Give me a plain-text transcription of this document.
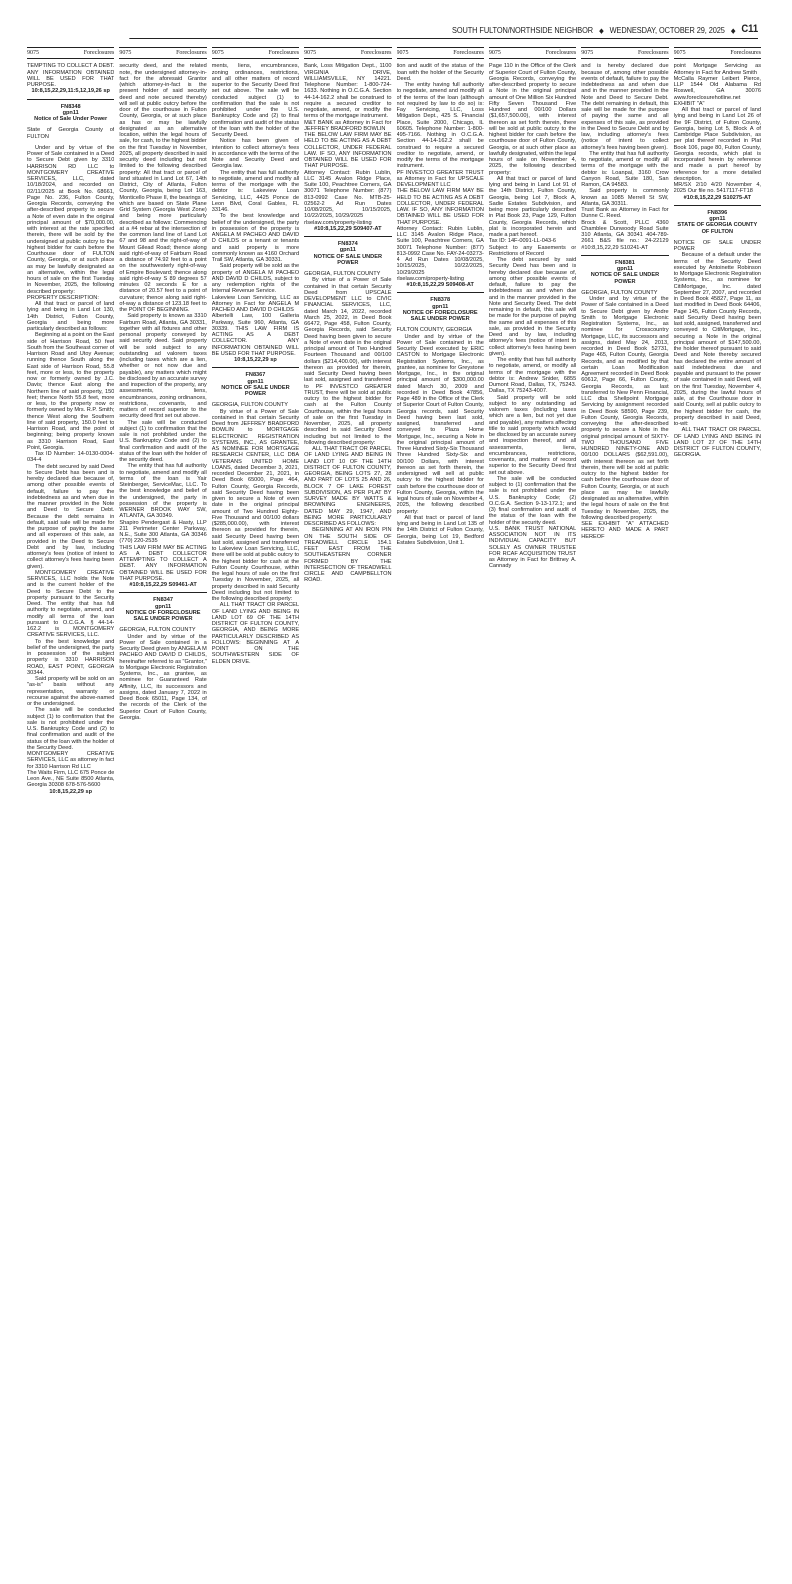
SOUTH FULTON/NORTHSIDE NEIGHBOR ◆ WEDNESDAY, OCTOBER 29, 2025 ◆ C11
9075	Foreclosures

TEMPTING TO COLLECT A DEBT. ANY INFORMATION OBTAINED WILL BE USED FOR THAT PURPOSE.

10:8,15,22,29,11:5,12,19,26 sp

FN8348

gpn11

Notice of Sale Under Power

State of Georgia County of FULTON

Under and by virtue of the Power of Sale contained in a Deed to Secure Debt given by 3310 HARRISON RD LLC to MONTGOMERY CREATIVE SERVICES, LLC, dated 10/18/2024, and recorded on 02/11/2025 at Book No. 68661, Page No. 236, Fulton County, Georgia Records, conveying the after-described property to secure a Note of even date in the original principal amount of $70,000.00, with interest at the rate specified therein, there will be sold by the undersigned at public outcry to the highest bidder for cash before the Courthouse door of FULTON County, Georgia, or at such place as may be lawfully designated as an alternative, within the legal hours of sale on the first Tuesday in November, 2025, the following described property:

PROPERTY DESCRIPTION:

All that tract or parcel of land lying and being in Land Lot 130, 14th District, Fulton County, Georgia and being more particularly described as follows:

Beginning at a point on the East side of Harrison Road, 50 feet South from the Southeast corner of Harrison Road and Utoy Avenue; running thence South along the East side of Harrison Road, 55.8 feet, more or less, to the property now or formerly owned by J.C. Davis; thence East along the Northern line of said property, 150 feet; thence North 55.8 feet, more or less, to the property now or formerly owned by Mrs. R.P. Smith; thence West along the Southern line of said property, 150.0 feet to Harrison Road, and the point of beginning; being property known as 3310 Harrison Road, East Point, Georgia.

Tax ID Number: 14-0130-0004-034-4

The debt secured by said Deed to Secure Debt has been and is hereby declared due because of, among other possible events of default, failure to pay the indebtedness as and when due in the manner provided in the Note and Deed to Secure Debt. Because the debt remains in default, said sale will be made for the purpose of paying the same and all expenses of this sale, as provided in the Deed to Secure Debt and by law, including attorney's fees (notice of intent to collect attorney's fees having been given).

MONTGOMERY CREATIVE SERVICES, LLC holds the Note and is the current holder of the Deed to Secure Debt to the property pursuant to the Security Deed. The entity that has full authority to negotiate, amend, and modify all terms of the loan pursuant to O.C.G.A. § 44-14-162.2 is MONTGOMERY CREATIVE SERVICES, LLC.

To the best knowledge and belief of the undersigned, the party in possession of the subject property is 3310 HARRISON ROAD, EAST POINT, GEORGIA 30344.

Said property will be sold on an "as-is" basis without any representation, warranty or recourse against the above-named or the undersigned.

The sale will be conducted subject (1) to confirmation that the sale is not prohibited under the U.S. Bankruptcy Code and (2) to final confirmation and audit of the status of the loan with the holder of the Security Deed.

MONTGOMERY CREATIVE SERVICES, LLC as attorney in fact for 3310 Harrison Rd LLC

The Waits Firm, LLC 675 Ponce de Leon Ave., NE Suite 8500 Atlanta, Georgia 30308 678-576-5600

10:8,15,22,29 sp

9075	Foreclosures

security deed, and the related note, the undersigned attorney-in-fact for the aforesaid Grantor (which attorney-in-fact is the present holder of said security deed and note secured thereby) will sell at public outcry before the door of the courthouse in Fulton County, Georgia, or at such place as has or may be lawfully designated as an alternative location, within the legal hours of sale, for cash, to the highest bidder on the first Tuesday in November, 2025, all property described in said security deed including but not limited to the following described property: All that tract or parcel of land situated in Land Lot 67, 14th District, City of Atlanta, Fulton County, Georgia, being Lot 163, Monticello Phase II, the bearings of which are based on State Plane Grid System (Georgia West Zone) and being more particularly described as follows: Commencing at a #4 rebar at the intersection of the common land line of Land Lot 67 and 98 and the right-of-way of Mount Gilead Road; thence along said right-of-way of Fairburn Road a distance of 74.92 feet to a point on the southwesterly right-of-way of Empire Boulevard; thence along said right-of-way S 89 degrees 57 minutes 02 seconds E for a distance of 20.57 feet to a point of curvature; thence along said right-of-way a distance of 123.18 feet to the POINT OF BEGINNING.

Said property is known as 3310 Fairburn Road, Atlanta, GA 30331, together with all fixtures and other personal property conveyed by said security deed. Said property will be sold subject to any outstanding ad valorem taxes (including taxes which are a lien, whether or not now due and payable), any matters which might be disclosed by an accurate survey and inspection of the property, any assessments, liens, encumbrances, zoning ordinances, restrictions, covenants, and matters of record superior to the security deed first set out above.

The sale will be conducted subject (1) to confirmation that the sale is not prohibited under the U.S. Bankruptcy Code and (2) to final confirmation and audit of the status of the loan with the holder of the security deed.

The entity that has full authority to negotiate, amend and modify all terms of the loan is Yair Steinberger, ServiceMac, LLC. To the best knowledge and belief of the undersigned, the party in possession of the property is WERNER BROOK WAY SW, ATLANTA, GA 30349.

Shapiro Pendergast & Hasty, LLP 211 Perimeter Center Parkway, N.E., Suite 300 Atlanta, GA 30346 (770) 220-2535

THIS LAW FIRM MAY BE ACTING AS A DEBT COLLECTOR ATTEMPTING TO COLLECT A DEBT. ANY INFORMATION OBTAINED WILL BE USED FOR THAT PURPOSE.

#10:8,15,22,29 S09461-AT

FN8347

gpn11

NOTICE OF FORECLOSURE SALE UNDER POWER

GEORGIA, FULTON COUNTY

Under and by virtue of the Power of Sale contained in a Security Deed given by ANGELA M PACHEO AND DAVID D CHILDS, hereinafter referred to as "Grantor," to Mortgage Electronic Registration Systems, Inc., as grantee, as nominee for Guaranteed Rate Affinity, LLC, its successors and assigns, dated January 7, 2022 in Deed Book 65011, Page 134, of the records of the Clerk of the Superior Court of Fulton County, Georgia.

9075	Foreclosures

ments, liens, encumbrances, zoning ordinances, restrictions, and all other matters of record superior to the Security Deed first set out above. The sale will be conducted subject (1) to confirmation that the sale is not prohibited under the U.S. Bankruptcy Code and (2) to final confirmation and audit of the status of the loan with the holder of the Security Deed.

Notice has been given of intention to collect attorney's fees in accordance with the terms of the Note and Security Deed and Georgia law.

The entity that has full authority to negotiate, amend and modify all terms of the mortgage with the debtor is: Lakeview Loan Servicing, LLC, 4425 Ponce de Leon Blvd, Coral Gables, FL 33146.

To the best knowledge and belief of the undersigned, the party in possession of the property is ANGELA M PACHEO AND DAVID D CHILDS or a tenant or tenants and said property is more commonly known as 4160 Orchard Trail SW, Atlanta, GA 30331.

Said property will be sold as the property of ANGELA M PACHEO AND DAVID D CHILDS, subject to any redemption rights of the Internal Revenue Service.

Lakeview Loan Servicing, LLC as Attorney in Fact for ANGELA M PACHEO AND DAVID D CHILDS

Albertelli Law, 100 Galleria Parkway, Suite 960, Atlanta, GA 30339. THIS LAW FIRM IS ACTING AS A DEBT COLLECTOR. ANY INFORMATION OBTAINED WILL BE USED FOR THAT PURPOSE.

10:8,15,22,29 sp

FN8367

gpn11

NOTICE OF SALE UNDER POWER

GEORGIA, FULTON COUNTY

By virtue of a Power of Sale contained in that certain Security Deed from JEFFREY BRADFORD BOWLIN to MORTGAGE ELECTRONIC REGISTRATION SYSTEMS, INC., AS GRANTEE, AS NOMINEE FOR MORTGAGE RESEARCH CENTER, LLC DBA VETERANS UNITED HOME LOANS, dated December 3, 2021, recorded December 21, 2021, in Deed Book 65000, Page 464, Fulton County, Georgia Records, said Security Deed having been given to secure a Note of even date in the original principal amount of Two Hundred Eighty-Five Thousand and 00/100 dollars ($285,000.00), with interest thereon as provided for therein, said Security Deed having been last sold, assigned and transferred to Lakeview Loan Servicing, LLC, there will be sold at public outcry to the highest bidder for cash at the Fulton County Courthouse, within the legal hours of sale on the first Tuesday in November, 2025, all property described in said Security Deed including but not limited to the following described property:

ALL THAT TRACT OR PARCEL OF LAND LYING AND BEING IN LAND LOT 69 OF THE 14TH DISTRICT OF FULTON COUNTY, GEORGIA, AND BEING MORE PARTICULARLY DESCRIBED AS FOLLOWS: BEGINNING AT A POINT ON THE SOUTHWESTERN SIDE OF ELDEN DRIVE.

9075	Foreclosures

Bank, Loss Mitigation Dept., 1100 VIRGINIA DRIVE, WILLIAMSVILLE, NY 14221. Telephone Number: 1-800-724-1633. Nothing in O.C.G.A. Section 44-14-162.2 shall be construed to require a secured creditor to negotiate, amend, or modify the terms of the mortgage instrument.

M&T BANK as Attorney in Fact for JEFFREY BRADFORD BOWLIN

THE BELOW LAW FIRM MAY BE HELD TO BE ACTING AS A DEBT COLLECTOR, UNDER FEDERAL LAW. IF SO, ANY INFORMATION OBTAINED WILL BE USED FOR THAT PURPOSE.

Attorney Contact: Rubin Lublin, LLC 3145 Avalon Ridge Place, Suite 100, Peachtree Corners, GA 30071 Telephone Number: (877) 813-0992 Case No. MTB-25-02562-2 Ad Run Dates 10/08/2025, 10/15/2025, 10/22/2025, 10/29/2025

rlselaw.com/property-listing

#10:8,15,22,29 S09407-AT

FN8374

gpn11

NOTICE OF SALE UNDER POWER

GEORGIA, FULTON COUNTY

By virtue of a Power of Sale contained in that certain Security Deed from UPSCALE DEVELOPMENT LLC to CIVIC FINANCIAL SERVICES, LLC, dated March 14, 2022, recorded March 25, 2022, in Deed Book 66472, Page 458, Fulton County, Georgia Records, said Security Deed having been given to secure a Note of even date in the original principal amount of Two Hundred Fourteen Thousand and 00/100 dollars ($214,400.00), with interest thereon as provided for therein, said Security Deed having been last sold, assigned and transferred to PF INVESTCO GREATER TRUST, there will be sold at public outcry to the highest bidder for cash at the Fulton County Courthouse, within the legal hours of sale on the first Tuesday in November, 2025, all property described in said Security Deed including but not limited to the following described property:

ALL THAT TRACT OR PARCEL OF LAND LYING AND BEING IN LAND LOT 10 OF THE 14TH DISTRICT OF FULTON COUNTY, GEORGIA, BEING LOTS 27, 28 AND PART OF LOTS 25 AND 26, BLOCK 7 OF LAKE FOREST SUBDIVISION, AS PER PLAT BY SURVEY MADE BY WATTS & BROWNING ENGINEERS, DATED MAY 29, 1947, AND BEING MORE PARTICULARLY DESCRIBED AS FOLLOWS:

BEGINNING AT AN IRON PIN ON THE SOUTH SIDE OF TREADWELL CIRCLE 154.1 FEET EAST FROM THE SOUTHEASTERN CORNER FORMED BY THE INTERSECTION OF TREADWELL CIRCLE AND CAMPBELLTON ROAD.

9075	Foreclosures

tion and audit of the status of the loan with the holder of the Security Deed.

The entity having full authority to negotiate, amend and modify all of the terms of the loan (although not required by law to do so) is: Fay Servicing, LLC, Loss Mitigation Dept., 425 S. Financial Place, Suite 2000, Chicago, IL 60605. Telephone Number: 1-800-495-7166. Nothing in O.C.G.A. Section 44-14-162.2 shall be construed to require a secured creditor to negotiate, amend, or modify the terms of the mortgage instrument.

PF INVESTCO GREATER TRUST as Attorney in Fact for UPSCALE DEVELOPMENT LLC

THE BELOW LAW FIRM MAY BE HELD TO BE ACTING AS A DEBT COLLECTOR, UNDER FEDERAL LAW. IF SO, ANY INFORMATION OBTAINED WILL BE USED FOR THAT PURPOSE.

Attorney Contact: Rubin Lublin, LLC 3145 Avalon Ridge Place, Suite 100, Peachtree Corners, GA 30071 Telephone Number: (877) 813-0992 Case No. FAY-24-03273-4 Ad Run Dates 10/08/2025, 10/15/2025, 10/22/2025, 10/29/2025

rlselaw.com/property-listing

#10:8,15,22,29 S09408-AT

FN8378

gpn11

NOTICE OF FORECLOSURE SALE UNDER POWER

FULTON COUNTY, GEORGIA

Under and by virtue of the Power of Sale contained in the Security Deed executed by ERIC CASTON to Mortgage Electronic Registration Systems, Inc., as grantee, as nominee for Greystone Mortgage, Inc., in the original principal amount of $300,000.00 dated March 30, 2009 and recorded in Deed Book 47856, Page 489 in the Office of the Clerk of Superior Court of Fulton County, Georgia records, said Security Deed having been last sold, assigned, transferred and conveyed to Plaza Home Mortgage, Inc., securing a Note in the original principal amount of Three Hundred Sixty-Six Thousand Three Hundred Sixty-Six and 00/100 Dollars, with interest thereon as set forth therein, the undersigned will sell at public outcry to the highest bidder for cash before the courthouse door of Fulton County, Georgia, within the legal hours of sale on November 4, 2025, the following described property:

All that tract or parcel of land lying and being in Land Lot 135 of the 14th District of Fulton County, Georgia, being Lot 19, Bedford Estates Subdivision, Unit 1.

9075	Foreclosures

Page 110 in the Office of the Clerk of Superior Court of Fulton County, Georgia Records, conveying the after-described property to secure a Note in the original principal amount of One Million Six Hundred Fifty Seven Thousand Five Hundred and 00/100 Dollars ($1,657,500.00), with interest thereon as set forth therein, there will be sold at public outcry to the highest bidder for cash before the courthouse door of Fulton County, Georgia, or at such other place as lawfully designated, within the legal hours of sale on November 4, 2025, the following described property:

All that tract or parcel of land lying and being in Land Lot 91 of the 14th District, Fulton County, Georgia, being Lot 7, Block A, Sadie Estates Subdivision, and being more particularly described in Plat Book 23, Page 129, Fulton County, Georgia Records, which plat is incorporated herein and made a part hereof.

Tax ID: 14F-0091-LL-043-6

Subject to any Easements or Restrictions of Record

The debt secured by said Security Deed has been and is hereby declared due because of, among other possible events of default, failure to pay the indebtedness as and when due and in the manner provided in the Note and Security Deed. The debt remaining in default, this sale will be made for the purpose of paying the same and all expenses of this sale, as provided in the Security Deed and by law, including attorney's fees (notice of intent to collect attorney's fees having been given).

The entity that has full authority to negotiate, amend, or modify all terms of the mortgage with the debtor is: Andrew Snider, 6855 Dumont Road, Dallas, TX, 75243. Dallas, TX 75243-4007.

Said property will be sold subject to any outstanding ad valorem taxes (including taxes which are a lien, but not yet due and payable), any matters affecting title to said property which would be disclosed by an accurate survey and inspection thereof, and all assessments, liens, encumbrances, restrictions, covenants, and matters of record superior to the Security Deed first set out above.

The sale will be conducted subject to (1) confirmation that the sale is not prohibited under the U.S. Bankruptcy Code; (2) O.C.G.A. Section 9-13-172.1; and (3) final confirmation and audit of the status of the loan with the holder of the security deed.

U.S. BANK TRUST NATIONAL ASSOCIATION NOT IN ITS INDIVIDUAL CAPACITY BUT SOLELY AS OWNER TRUSTEE FOR RCAF ACQUISITION TRUST as Attorney in Fact for Brittney A. Cannady

9075	Foreclosures

and is hereby declared due because of, among other possible events of default, failure to pay the indebtedness as and when due and in the manner provided in the Note and Deed to Secure Debt. The debt remaining in default, this sale will be made for the purpose of paying the same and all expenses of this sale, as provided in the Deed to Secure Debt and by law, including attorney's fees (notice of intent to collect attorney's fees having been given).

The entity that has full authority to negotiate, amend or modify all terms of the mortgage with the debtor is: Loanpal, 3160 Crow Canyon Road, Suite 180, San Ramon, CA 94583.

Said property is commonly known as 1085 Merrell St SW, Atlanta, GA 30311.

Trust Bank as Attorney in Fact for Dunne C. Reed.

Brock & Scott, PLLC 4360 Chamblee Dunwoody Road Suite 310 Atlanta, GA 30341 404-789-2661 B&S file no.: 24-22129 #10:8,15,22,29 S10241-AT

FN8381

gpn11

NOTICE OF SALE UNDER POWER

GEORGIA, FULTON COUNTY

Under and by virtue of the Power of Sale contained in a Deed to Secure Debt given by Andre Smith to Mortgage Electronic Registration Systems, Inc., as nominee for Crosscountry Mortgage, LLC, its successors and assigns, dated May 24, 2013, recorded in Deed Book 52731, Page 465, Fulton County, Georgia Records, and as modified by that certain Loan Modification Agreement recorded in Deed Book 60612, Page 66, Fulton County, Georgia Records, as last transferred to New Penn Financial, LLC dba Shellpoint Mortgage Servicing by assignment recorded in Deed Book 58590, Page 239, Fulton County, Georgia Records, conveying the after-described property to secure a Note in the original principal amount of SIXTY-TWO THOUSAND FIVE HUNDRED NINETY-ONE AND 00/100 DOLLARS ($62,591.00), with interest thereon as set forth therein, there will be sold at public outcry to the highest bidder for cash before the courthouse door of Fulton County, Georgia, or at such place as may be lawfully designated as an alternative, within the legal hours of sale on the first Tuesday in November, 2025, the following described property:

SEE EXHIBIT "A" ATTACHED HERETO AND MADE A PART HEREOF

9075	Foreclosures

point Mortgage Servicing as Attorney in Fact for Andrew Smith

McCalla Raymer Leibert Pierce, LLP 1544 Old Alabama Rd Roswell, GA 30076 www.foreclosurehotline.net

EXHIBIT "A"

All that tract or parcel of land lying and being in Land Lot 26 of the 9F District, of Fulton County, Georgia, being Lot 5, Block A of Cambridge Place Subdivision, as per plat thereof recorded in Plat Book 106, page 80, Fulton County, Georgia records, which plat is incorporated herein by reference and made a part hereof by reference for a more detailed description.

MR/SX 2/10 4/20 November 4, 2025 Our file no. 5417117-FT18

#10:8,15,22,29 S10275-AT

FN8396

gpn11

STATE OF GEORGIA COUNTY OF FULTON

NOTICE OF SALE UNDER POWER

Because of a default under the terms of the Security Deed executed by Antoinette Robinson to Mortgage Electronic Registration Systems, Inc., as nominee for CitiMortgage, Inc. dated September 27, 2007, and recorded in Deed Book 45827, Page 11, as last modified in Deed Book 64406, Page 145, Fulton County Records, said Security Deed having been last sold, assigned, transferred and conveyed to CitiMortgage, Inc., securing a Note in the original principal amount of $147,500.00, the holder thereof pursuant to said Deed and Note thereby secured has declared the entire amount of said indebtedness due and payable and pursuant to the power of sale contained in said Deed, will on the first Tuesday, November 4, 2025, during the lawful hours of sale, at the Courthouse door in said County, sell at public outcry to the highest bidder for cash, the property described in said Deed, to-wit:

ALL THAT TRACT OR PARCEL OF LAND LYING AND BEING IN LAND LOT 27 OF THE 14TH DISTRICT OF FULTON COUNTY, GEORGIA.
